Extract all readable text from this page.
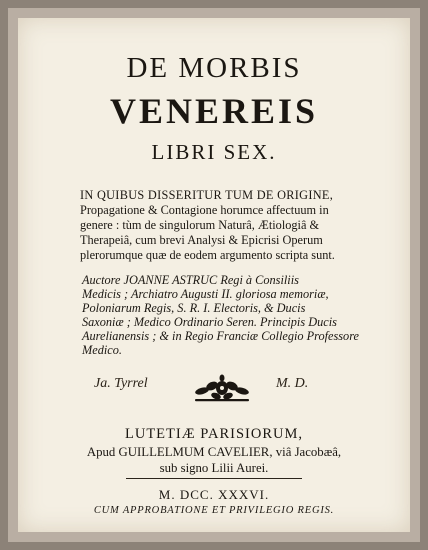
DE MORBIS
VENEREIS
LIBRI SEX.
IN QUIBUS DISSERITUR TUM DE ORIGINE,
Propagatione & Contagione horumce affectuum in
genere : tùm de singulorum Naturâ, Ætiologiâ &
Therapeiâ, cum brevi Analysi & Epicrisi Operum
plerorumque quæ de eodem argumento scripta sunt.
Auctore JOANNE ASTRUC Regi à Consiliis
Medicis ; Archiatro Augusti II. gloriosa memoriæ,
Poloniarum Regis, S. R. I. Electoris, & Ducis
Saxoniæ ; Medico Ordinario Seren. Principis Ducis
Aurelianensis ; & in Regio Franciæ Collegio Professore
Medico.
Ja. Tyrrel	M. D.
LUTETIÆ PARISIORUM,
Apud GUILLELMUM CAVELIER, viâ Jacobæâ,
sub signo Lilii Aurei.
M. DCC. XXXVI.
CUM APPROBATIONE ET PRIVILEGIO REGIS.
